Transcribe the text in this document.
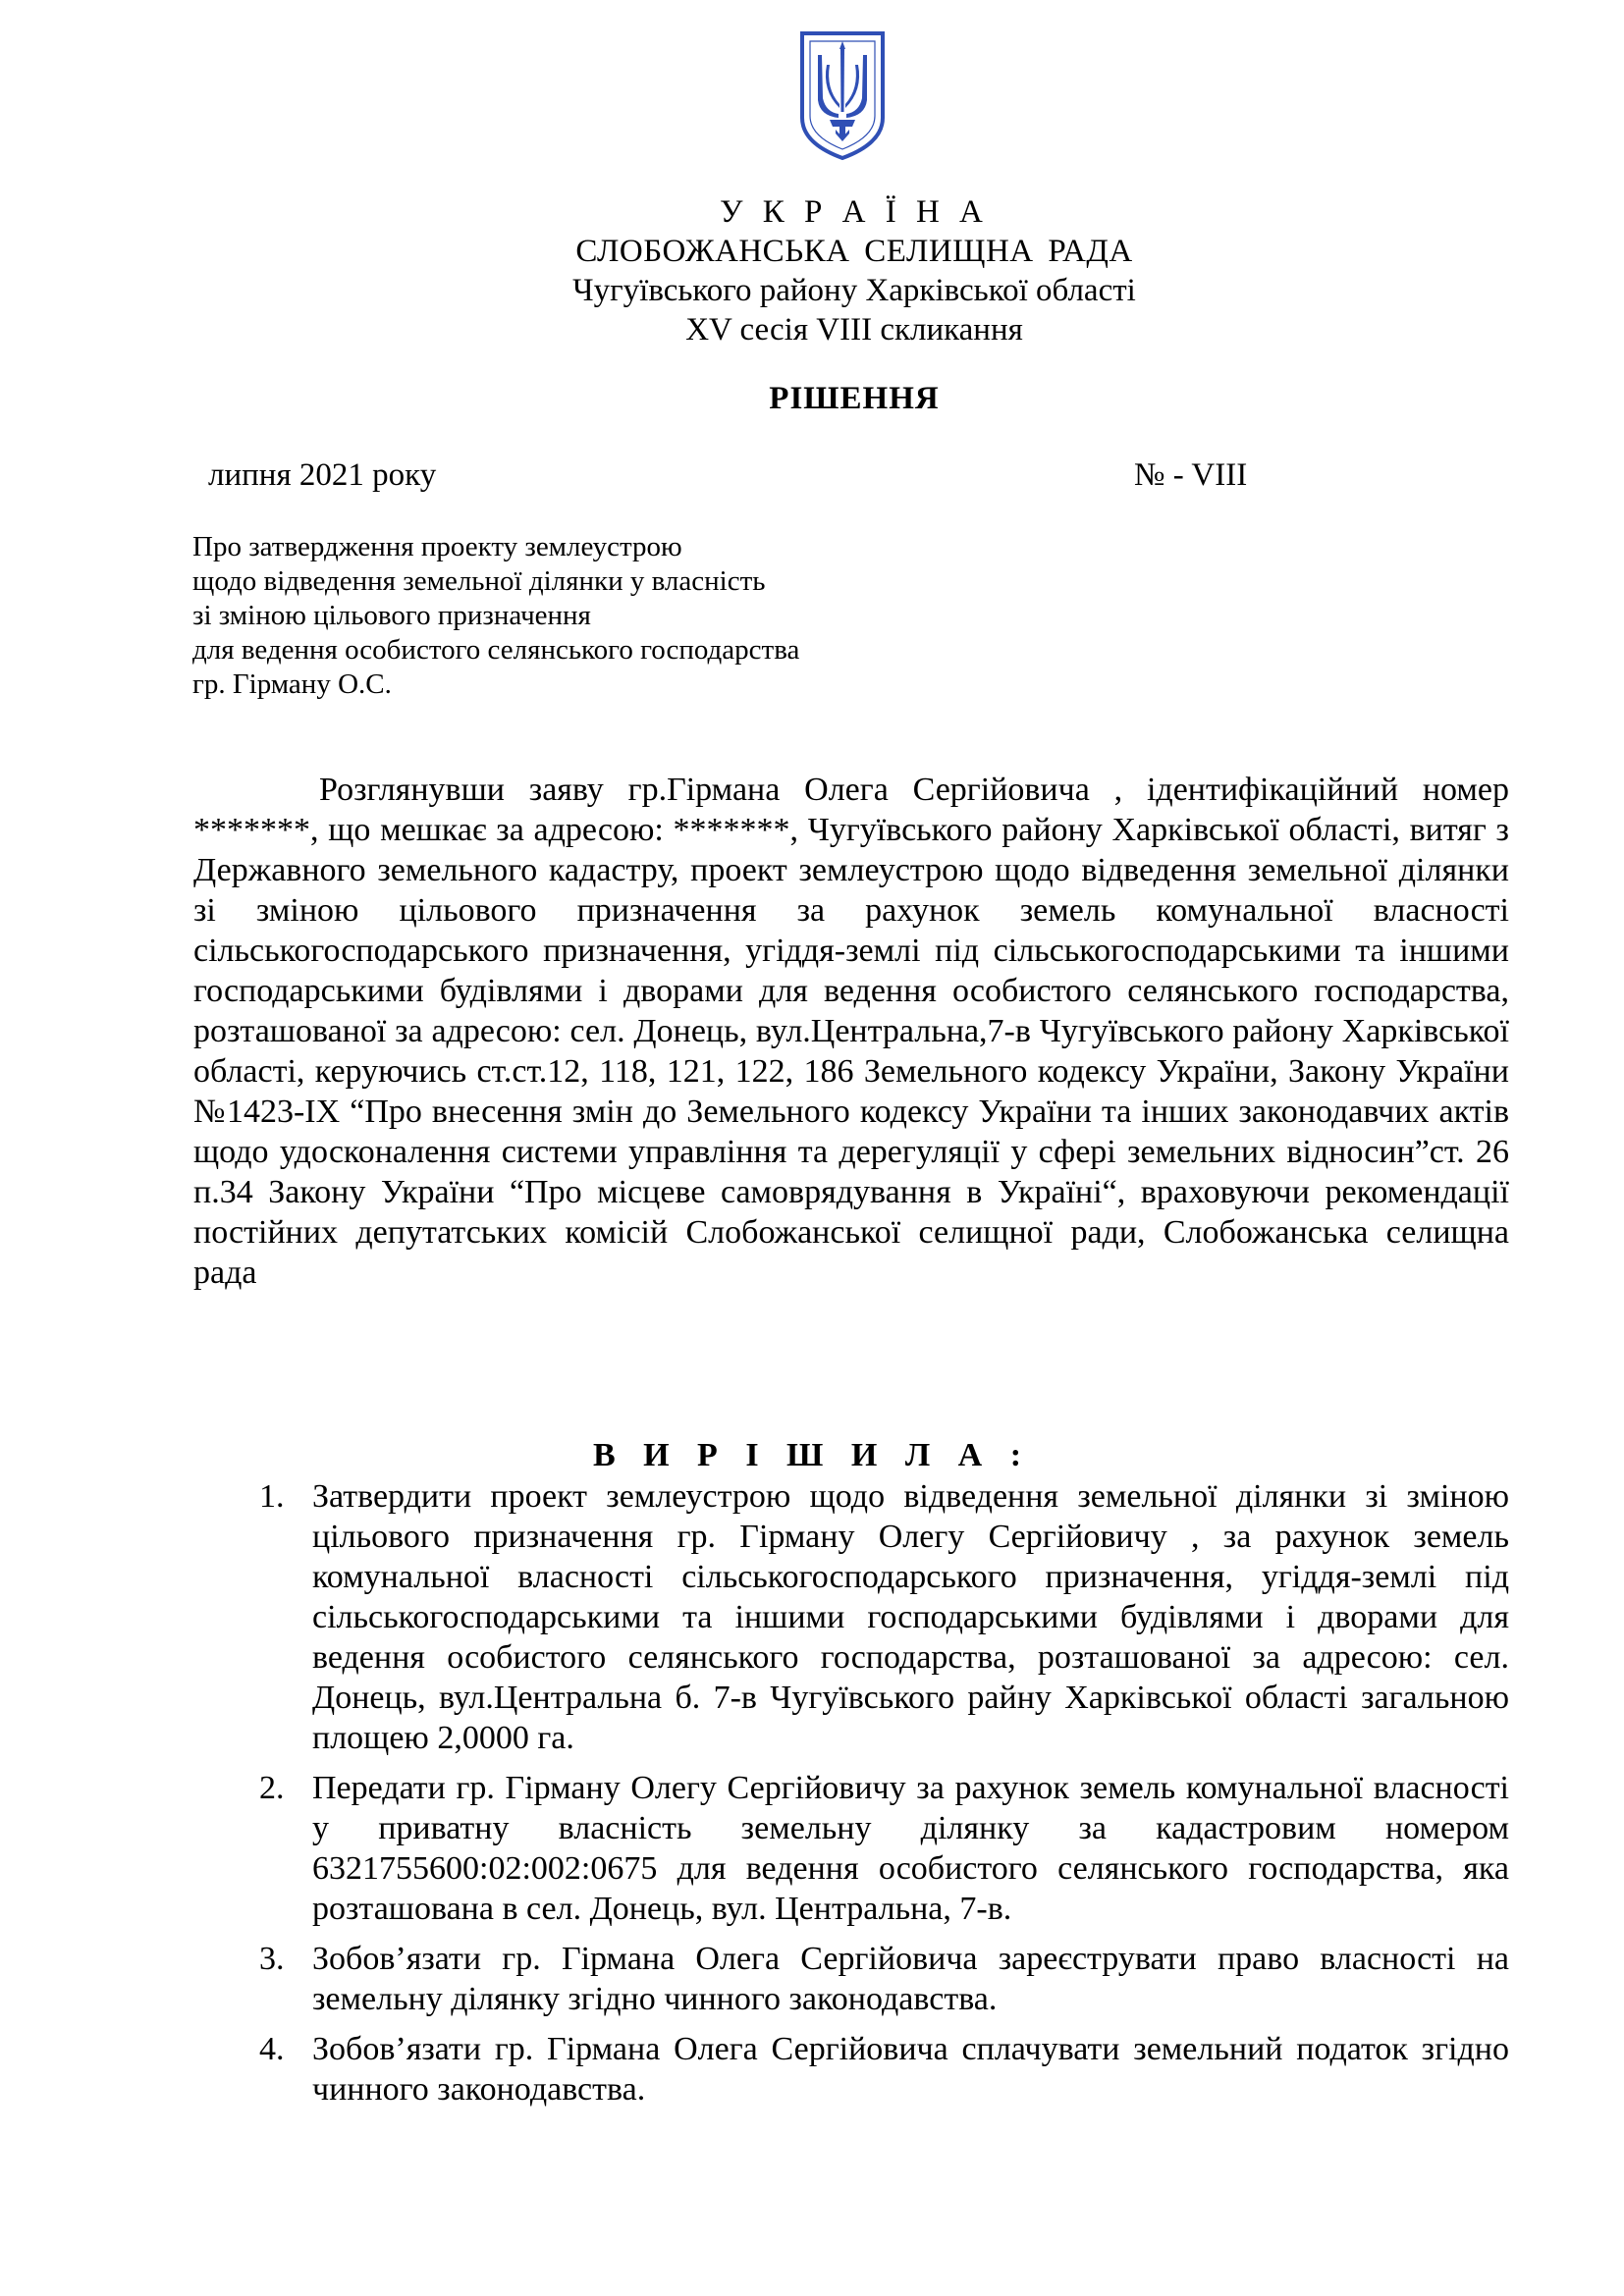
У К Р А Ї Н А
СЛОБОЖАНСЬКА СЕЛИЩНА РАДА
Чугуївського району Харківської області
XV сесія VIII скликання
РІШЕННЯ
липня 2021 року	№ - VIII
Про затвердження проекту землеустрою
щодо відведення земельної ділянки у власність
зі зміною цільового призначення
для ведення особистого селянського господарства
гр. Гірману О.С.

Розглянувши заяву гр.Гірмана Олега Сергійовича , ідентифікаційний номер *******, що мешкає за адресою: *******, Чугуївського району Харківської області, витяг з Державного земельного кадастру, проект землеустрою щодо відведення земельної ділянки зі зміною цільового призначення за рахунок земель комунальної власності сільськогосподарського призначення, угіддя-землі під сільськогосподарськими та іншими господарськими будівлями і дворами для ведення особистого селянського господарства, розташованої за адресою: сел. Донець, вул.Центральна,7-в Чугуївського району Харківської області, керуючись ст.ст.12, 118, 121, 122, 186 Земельного кодексу України, Закону України №1423-IX “Про внесення змін до Земельного кодексу України та інших законодавчих актів щодо удосконалення системи управління та дерегуляції у сфері земельних відносин”ст. 26 п.34 Закону України “Про місцеве самоврядування в Україні“, враховуючи рекомендації постійних депутатських комісій Слобожанської селищної ради, Слобожанська селищна рада

В И Р І Ш И Л А :
1. Затвердити проект землеустрою щодо відведення земельної ділянки зі зміною цільового призначення гр. Гірману Олегу Сергійовичу , за рахунок земель комунальної власності сільськогосподарського призначення, угіддя-землі під сільськогосподарськими та іншими господарськими будівлями і дворами для ведення особистого селянського господарства, розташованої за адресою: сел. Донець, вул.Центральна б. 7-в Чугуївського райну Харківської області загальною площею 2,0000 га.
2. Передати гр. Гірману Олегу Сергійовичу за рахунок земель комунальної власності у приватну власність земельну ділянку за кадастровим номером 6321755600:02:002:0675 для ведення особистого селянського господарства, яка розташована в сел. Донець, вул. Центральна, 7-в.
3. Зобов’язати гр. Гірмана Олега Сергійовича зареєструвати право власності на земельну ділянку згідно чинного законодавства.
4. Зобов’язати гр. Гірмана Олега Сергійовича сплачувати земельний податок згідно чинного законодавства.
